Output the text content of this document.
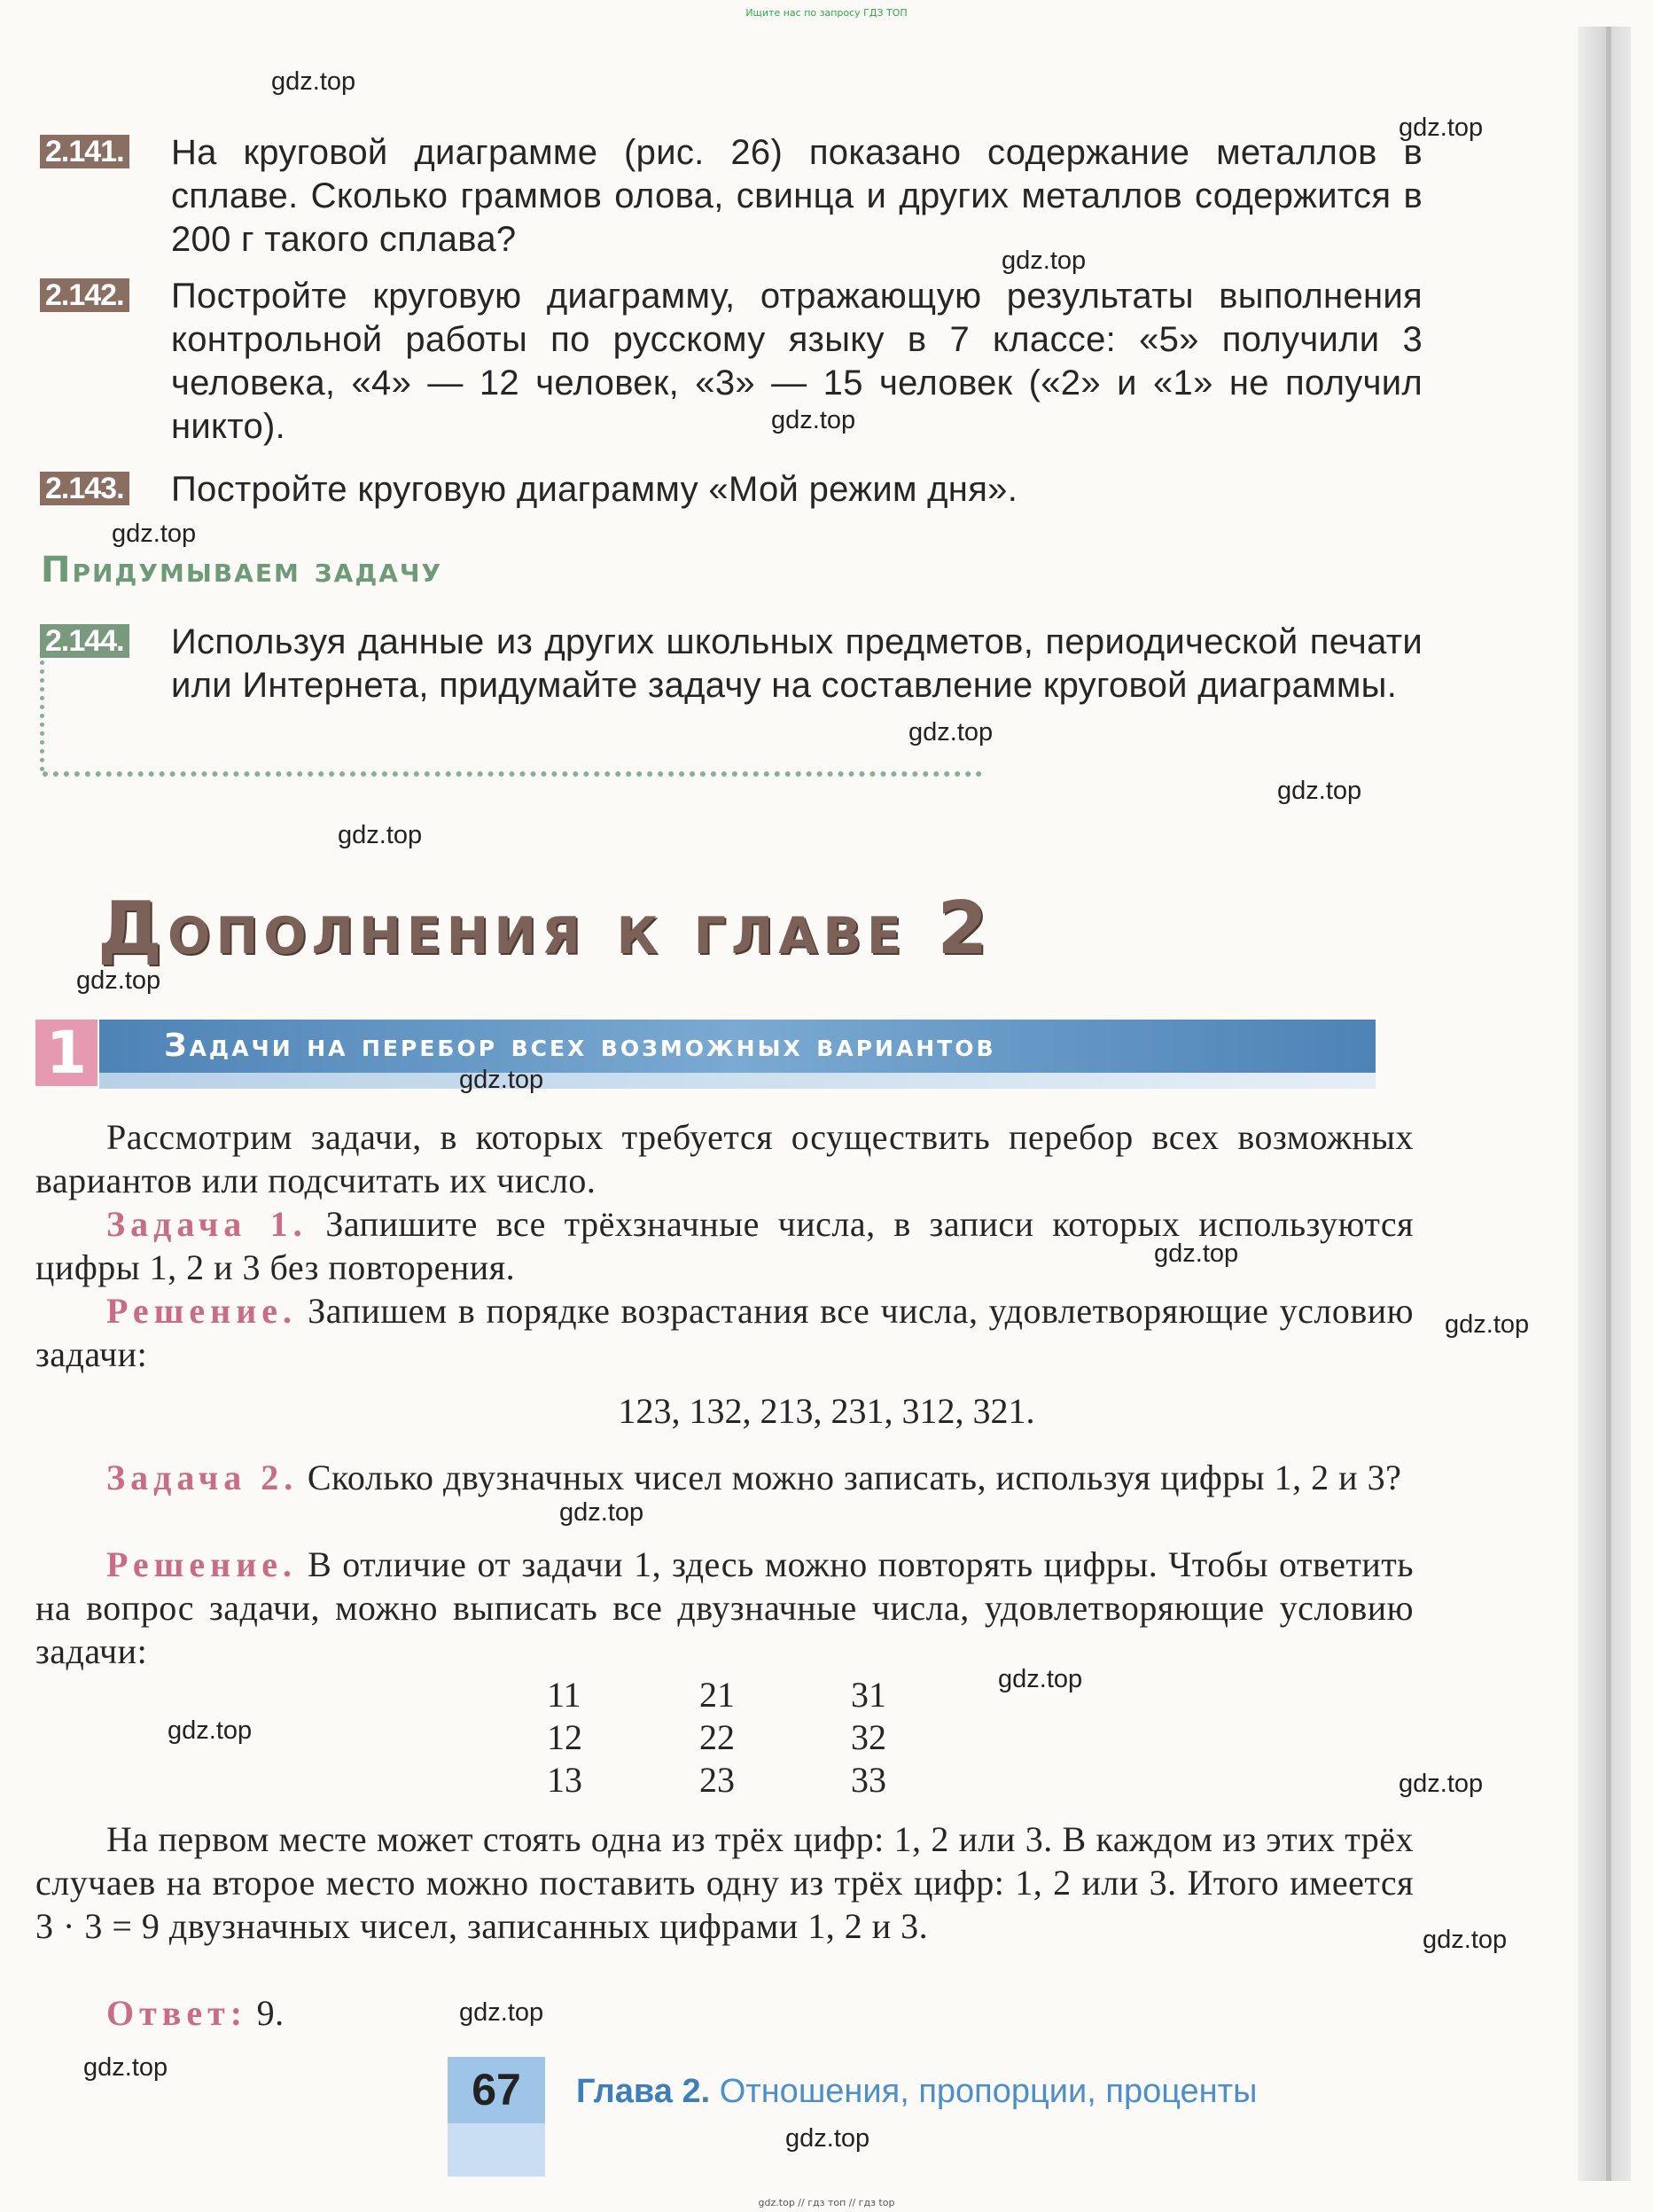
Ищите нас по запросу ГДЗ ТОП
2.141. На круговой диаграмме (рис. 26) показано содержание металлов в сплаве. Сколько граммов олова, свинца и других металлов содержится в 200 г такого сплава?
2.142. Постройте круговую диаграмму, отражающую результаты выполнения контрольной работы по русскому языку в 7 классе: «5» получили 3 человека, «4» — 12 человек, «3» — 15 человек («2» и «1» не получил никто).
2.143. Постройте круговую диаграмму «Мой режим дня».
Придумываем задачу
2.144. Используя данные из других школьных предметов, периодической печати или Интернета, придумайте задачу на составление круговой диаграммы.
Дополнения к главе 2
1	Задачи на перебор всех возможных вариантов
Рассмотрим задачи, в которых требуется осуществить перебор всех возможных вариантов или подсчитать их число.
Задача 1. Запишите все трёхзначные числа, в записи которых используются цифры 1, 2 и 3 без повторения.
Решение. Запишем в порядке возрастания все числа, удовлетворяющие условию задачи:
123, 132, 213, 231, 312, 321.
Задача 2. Сколько двузначных чисел можно записать, используя цифры 1, 2 и 3?
Решение. В отличие от задачи 1, здесь можно повторять цифры. Чтобы ответить на вопрос задачи, можно выписать все двузначные числа, удовлетворяющие условию задачи:
11	21	31
12	22	32
13	23	33
На первом месте может стоять одна из трёх цифр: 1, 2 или 3. В каждом из этих трёх случаев на второе место можно поставить одну из трёх цифр: 1, 2 или 3. Итого имеется 3 · 3 = 9 двузначных чисел, записанных цифрами 1, 2 и 3.
Ответ: 9.
67	Глава 2. Отношения, пропорции, проценты
gdz.top
gdz.top
gdz.top
gdz.top
gdz.top
gdz.top
gdz.top
gdz.top
gdz.top
gdz.top
gdz.top
gdz.top
gdz.top
gdz.top
gdz.top
gdz.top
gdz.top
gdz.top
gdz.top
gdz.top
gdz.top // гдз топ // гдз top
